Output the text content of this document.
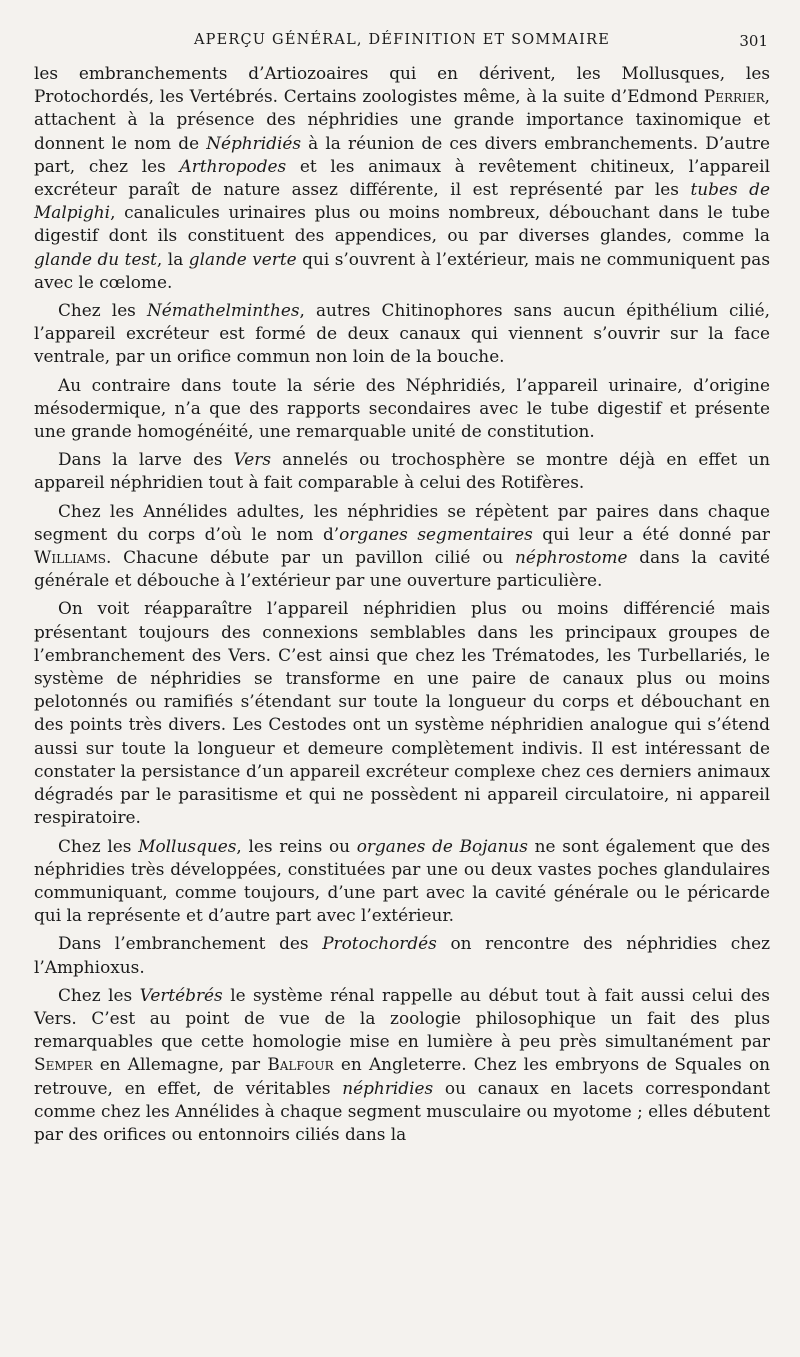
APERÇU GÉNÉRAL, DÉFINITION ET SOMMAIRE	301

les embranchements d’Artiozoaires qui en dérivent, les Mollusques, les Protochordés, les Vertébrés. Certains zoologistes même, à la suite d’Edmond Perrier, attachent à la présence des néphridies une grande importance taxinomique et donnent le nom de Néphridiés à la réunion de ces divers embranchements. D’autre part, chez les Arthropodes et les animaux à revêtement chitineux, l’appareil excréteur paraît de nature assez différente, il est représenté par les tubes de Malpighi, canalicules urinaires plus ou moins nombreux, débouchant dans le tube digestif dont ils constituent des appendices, ou par diverses glandes, comme la glande du test, la glande verte qui s’ouvrent à l’extérieur, mais ne communiquent pas avec le cœlome.

Chez les Némathelminthes, autres Chitinophores sans aucun épithélium cilié, l’appareil excréteur est formé de deux canaux qui viennent s’ouvrir sur la face ventrale, par un orifice commun non loin de la bouche.

Au contraire dans toute la série des Néphridiés, l’appareil urinaire, d’origine mésodermique, n’a que des rapports secondaires avec le tube digestif et présente une grande homogénéité, une remarquable unité de constitution.

Dans la larve des Vers annelés ou trochosphère se montre déjà en effet un appareil néphridien tout à fait comparable à celui des Rotifères.

Chez les Annélides adultes, les néphridies se répètent par paires dans chaque segment du corps d’où le nom d’organes segmentaires qui leur a été donné par Williams. Chacune débute par un pavillon cilié ou néphrostome dans la cavité générale et débouche à l’extérieur par une ouverture particulière.

On voit réapparaître l’appareil néphridien plus ou moins différencié mais présentant toujours des connexions semblables dans les principaux groupes de l’embranchement des Vers. C’est ainsi que chez les Trématodes, les Turbellariés, le système de néphridies se transforme en une paire de canaux plus ou moins pelotonnés ou ramifiés s’étendant sur toute la longueur du corps et débouchant en des points très divers. Les Cestodes ont un système néphridien analogue qui s’étend aussi sur toute la longueur et demeure complètement indivis. Il est intéressant de constater la persistance d’un appareil excréteur complexe chez ces derniers animaux dégradés par le parasitisme et qui ne possèdent ni appareil circulatoire, ni appareil respiratoire.

Chez les Mollusques, les reins ou organes de Bojanus ne sont également que des néphridies très développées, constituées par une ou deux vastes poches glandulaires communiquant, comme toujours, d’une part avec la cavité générale ou le péricarde qui la représente et d’autre part avec l’extérieur.

Dans l’embranchement des Protochordés on rencontre des néphridies chez l’Amphioxus.

Chez les Vertébrés le système rénal rappelle au début tout à fait aussi celui des Vers. C’est au point de vue de la zoologie philosophique un fait des plus remarquables que cette homologie mise en lumière à peu près simultanément par Semper en Allemagne, par Balfour en Angleterre. Chez les embryons de Squales on retrouve, en effet, de véritables néphridies ou canaux en lacets correspondant comme chez les Annélides à chaque segment musculaire ou myotome ; elles débutent par des orifices ou entonnoirs ciliés dans la
